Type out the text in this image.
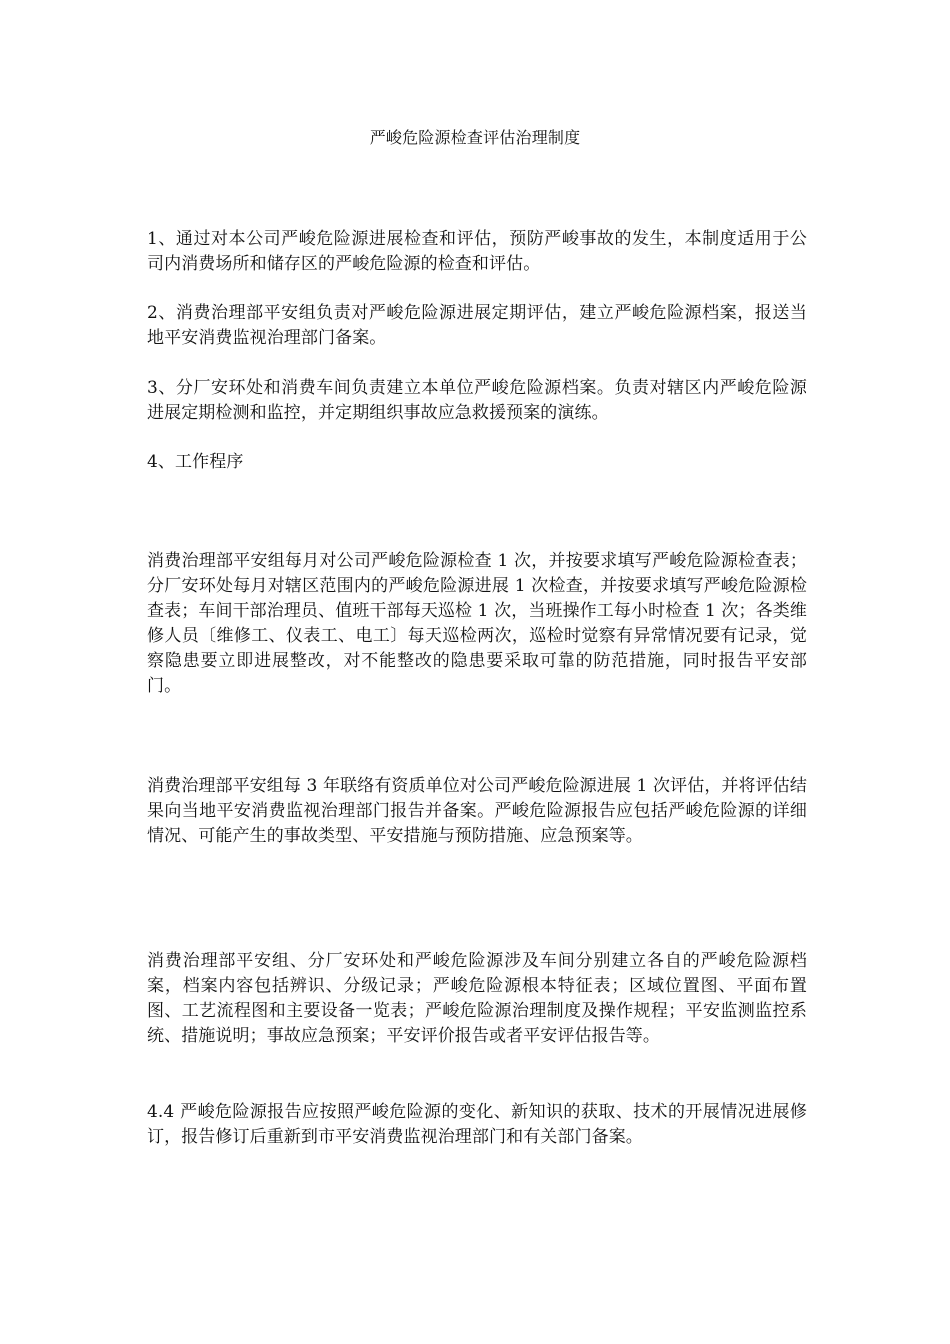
严峻危险源检查评估治理制度
1、通过对本公司严峻危险源进展检查和评估，预防严峻事故的发生，本制度适用于公司内消费场所和储存区的严峻危险源的检查和评估。
2、消费治理部平安组负责对严峻危险源进展定期评估，建立严峻危险源档案，报送当地平安消费监视治理部门备案。
3、分厂安环处和消费车间负责建立本单位严峻危险源档案。负责对辖区内严峻危险源进展定期检测和监控，并定期组织事故应急救援预案的演练。
4、工作程序
消费治理部平安组每月对公司严峻危险源检查 1 次，并按要求填写严峻危险源检查表；分厂安环处每月对辖区范围内的严峻危险源进展 1 次检查，并按要求填写严峻危险源检查表；车间干部治理员、值班干部每天巡检 1 次，当班操作工每小时检查 1 次；各类维修人员〔维修工、仪表工、电工〕每天巡检两次，巡检时觉察有异常情况要有记录，觉察隐患要立即进展整改，对不能整改的隐患要采取可靠的防范措施，同时报告平安部门。
消费治理部平安组每 3 年联络有资质单位对公司严峻危险源进展 1 次评估，并将评估结果向当地平安消费监视治理部门报告并备案。严峻危险源报告应包括严峻危险源的详细情况、可能产生的事故类型、平安措施与预防措施、应急预案等。
消费治理部平安组、分厂安环处和严峻危险源涉及车间分别建立各自的严峻危险源档案，档案内容包括辨识、分级记录；严峻危险源根本特征表；区域位置图、平面布置图、工艺流程图和主要设备一览表；严峻危险源治理制度及操作规程；平安监测监控系统、措施说明；事故应急预案；平安评价报告或者平安评估报告等。
4.4 严峻危险源报告应按照严峻危险源的变化、新知识的获取、技术的开展情况进展修订，报告修订后重新到市平安消费监视治理部门和有关部门备案。
